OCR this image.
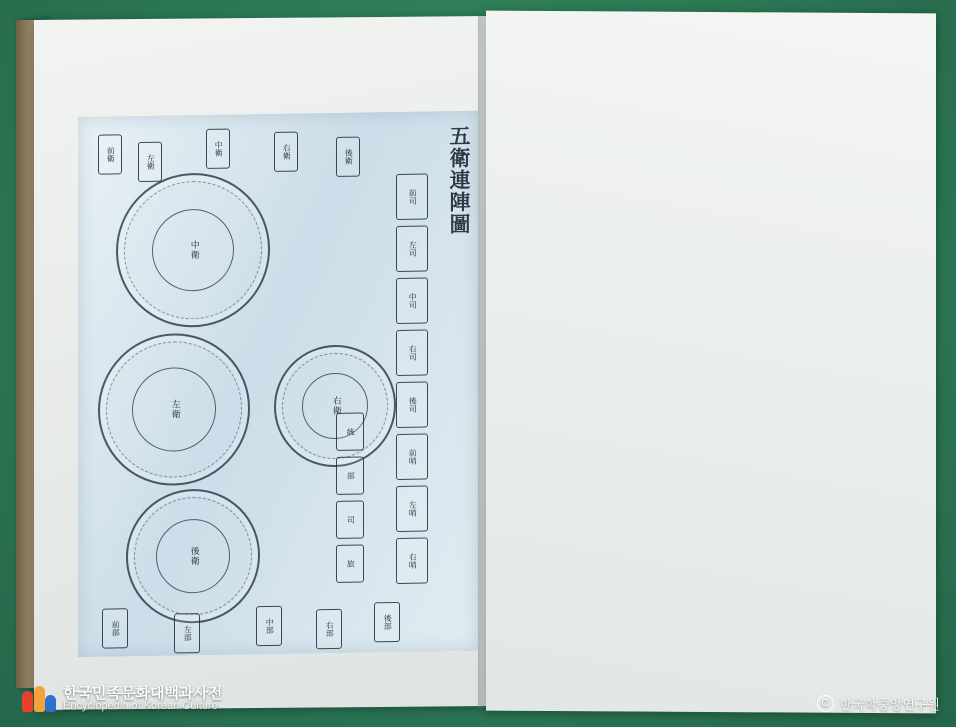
五衛連陣圖
前衛	左衛
中衛	右衛	後衛
中衛
左衛
後衛
右衛
前司
左司
中司
右司
後司
前哨
左哨
右哨
統
部
司
旅
前部	左部	中部	右部	後部
한국민족문화대백과사전
Encyclopedia of Korean Culture	C 한국학중앙연구원
